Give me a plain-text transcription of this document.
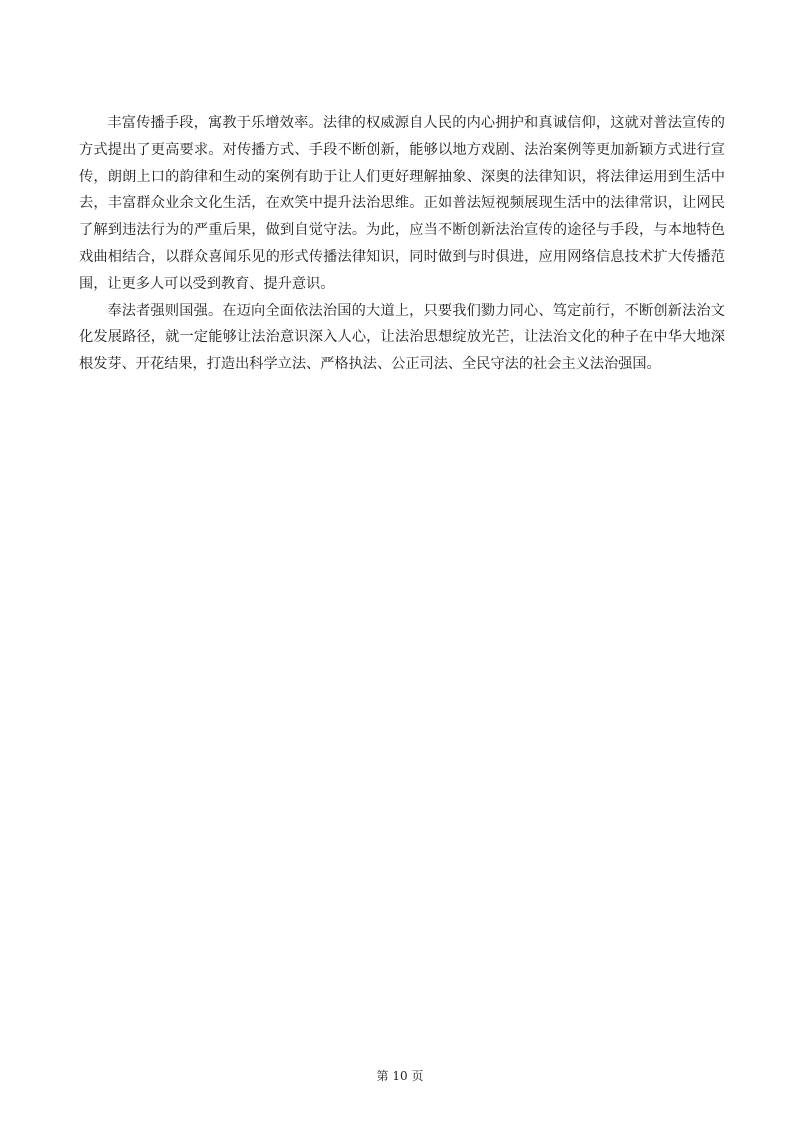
丰富传播手段，寓教于乐增效率。法律的权威源自人民的内心拥护和真诚信仰，这就对普法宣传的方式提出了更高要求。对传播方式、手段不断创新，能够以地方戏剧、法治案例等更加新颖方式进行宣传，朗朗上口的韵律和生动的案例有助于让人们更好理解抽象、深奥的法律知识，将法律运用到生活中去，丰富群众业余文化生活，在欢笑中提升法治思维。正如普法短视频展现生活中的法律常识，让网民了解到违法行为的严重后果，做到自觉守法。为此，应当不断创新法治宣传的途径与手段，与本地特色戏曲相结合，以群众喜闻乐见的形式传播法律知识，同时做到与时俱进，应用网络信息技术扩大传播范围，让更多人可以受到教育、提升意识。

奉法者强则国强。在迈向全面依法治国的大道上，只要我们勠力同心、笃定前行，不断创新法治文化发展路径，就一定能够让法治意识深入人心，让法治思想绽放光芒，让法治文化的种子在中华大地深根发芽、开花结果，打造出科学立法、严格执法、公正司法、全民守法的社会主义法治强国。

第 10 页
